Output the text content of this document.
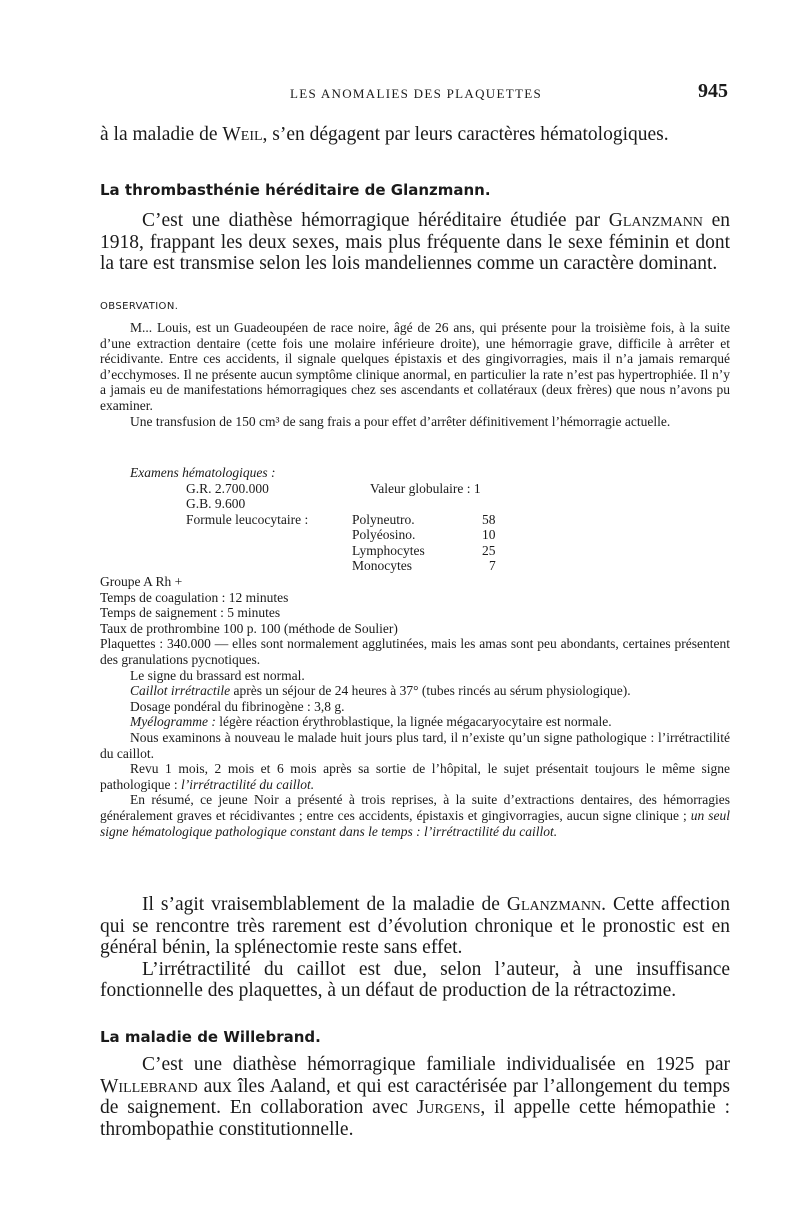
LES ANOMALIES DES PLAQUETTES	945

à la maladie de Weil, s’en dégagent par leurs caractères hématologiques.

La thrombasthénie héréditaire de Glanzmann.

C’est une diathèse hémorragique héréditaire étudiée par Glanzmann en 1918, frappant les deux sexes, mais plus fréquente dans le sexe féminin et dont la tare est transmise selon les lois mandeliennes comme un caractère dominant.

OBSERVATION.

M... Louis, est un Guadeoupéen de race noire, âgé de 26 ans, qui présente pour la troisième fois, à la suite d’une extraction dentaire (cette fois une molaire inférieure droite), une hémorragie grave, difficile à arrêter et récidivante. Entre ces accidents, il signale quelques épistaxis et des gingivorragies, mais il n’a jamais remarqué d’ecchymoses. Il ne présente aucun symptôme clinique anormal, en particulier la rate n’est pas hypertrophiée. Il n’y a jamais eu de manifestations hémorragiques chez ses ascendants et collatéraux (deux frères) que nous n’avons pu examiner.

Une transfusion de 150 cm³ de sang frais a pour effet d’arrêter définitivement l’hémorragie actuelle.

Examens hématologiques :
G.R. 2.700.000	Valeur globulaire : 1
G.B. 9.600
Formule leucocytaire :	Polyneutro.	58
Polyéosino.	10
Lymphocytes	25
Monocytes	7

Groupe A Rh +

Temps de coagulation : 12 minutes

Temps de saignement : 5 minutes

Taux de prothrombine 100 p. 100 (méthode de Soulier)

Plaquettes : 340.000 — elles sont normalement agglutinées, mais les amas sont peu abondants, certaines présentent des granulations pycnotiques.

Le signe du brassard est normal.

Caillot irrétractile après un séjour de 24 heures à 37° (tubes rincés au sérum physiologique).

Dosage pondéral du fibrinogène : 3,8 g.

Myélogramme : légère réaction érythroblastique, la lignée mégacaryocytaire est normale.

Nous examinons à nouveau le malade huit jours plus tard, il n’existe qu’un signe pathologique : l’irrétractilité du caillot.

Revu 1 mois, 2 mois et 6 mois après sa sortie de l’hôpital, le sujet présentait toujours le même signe pathologique : l’irrétractilité du caillot.

En résumé, ce jeune Noir a présenté à trois reprises, à la suite d’extractions dentaires, des hémorragies généralement graves et récidivantes ; entre ces accidents, épistaxis et gingivorragies, aucun signe clinique ; un seul signe hématologique pathologique constant dans le temps : l’irrétractilité du caillot.

Il s’agit vraisemblablement de la maladie de Glanzmann. Cette affection qui se rencontre très rarement est d’évolution chronique et le pronostic est en général bénin, la splénectomie reste sans effet.

L’irrétractilité du caillot est due, selon l’auteur, à une insuffisance fonctionnelle des plaquettes, à un défaut de production de la rétractozime.

La maladie de Willebrand.

C’est une diathèse hémorragique familiale individualisée en 1925 par Willebrand aux îles Aaland, et qui est caractérisée par l’allongement du temps de saignement. En collaboration avec Jurgens, il appelle cette hémopathie : thrombopathie constitutionnelle.
